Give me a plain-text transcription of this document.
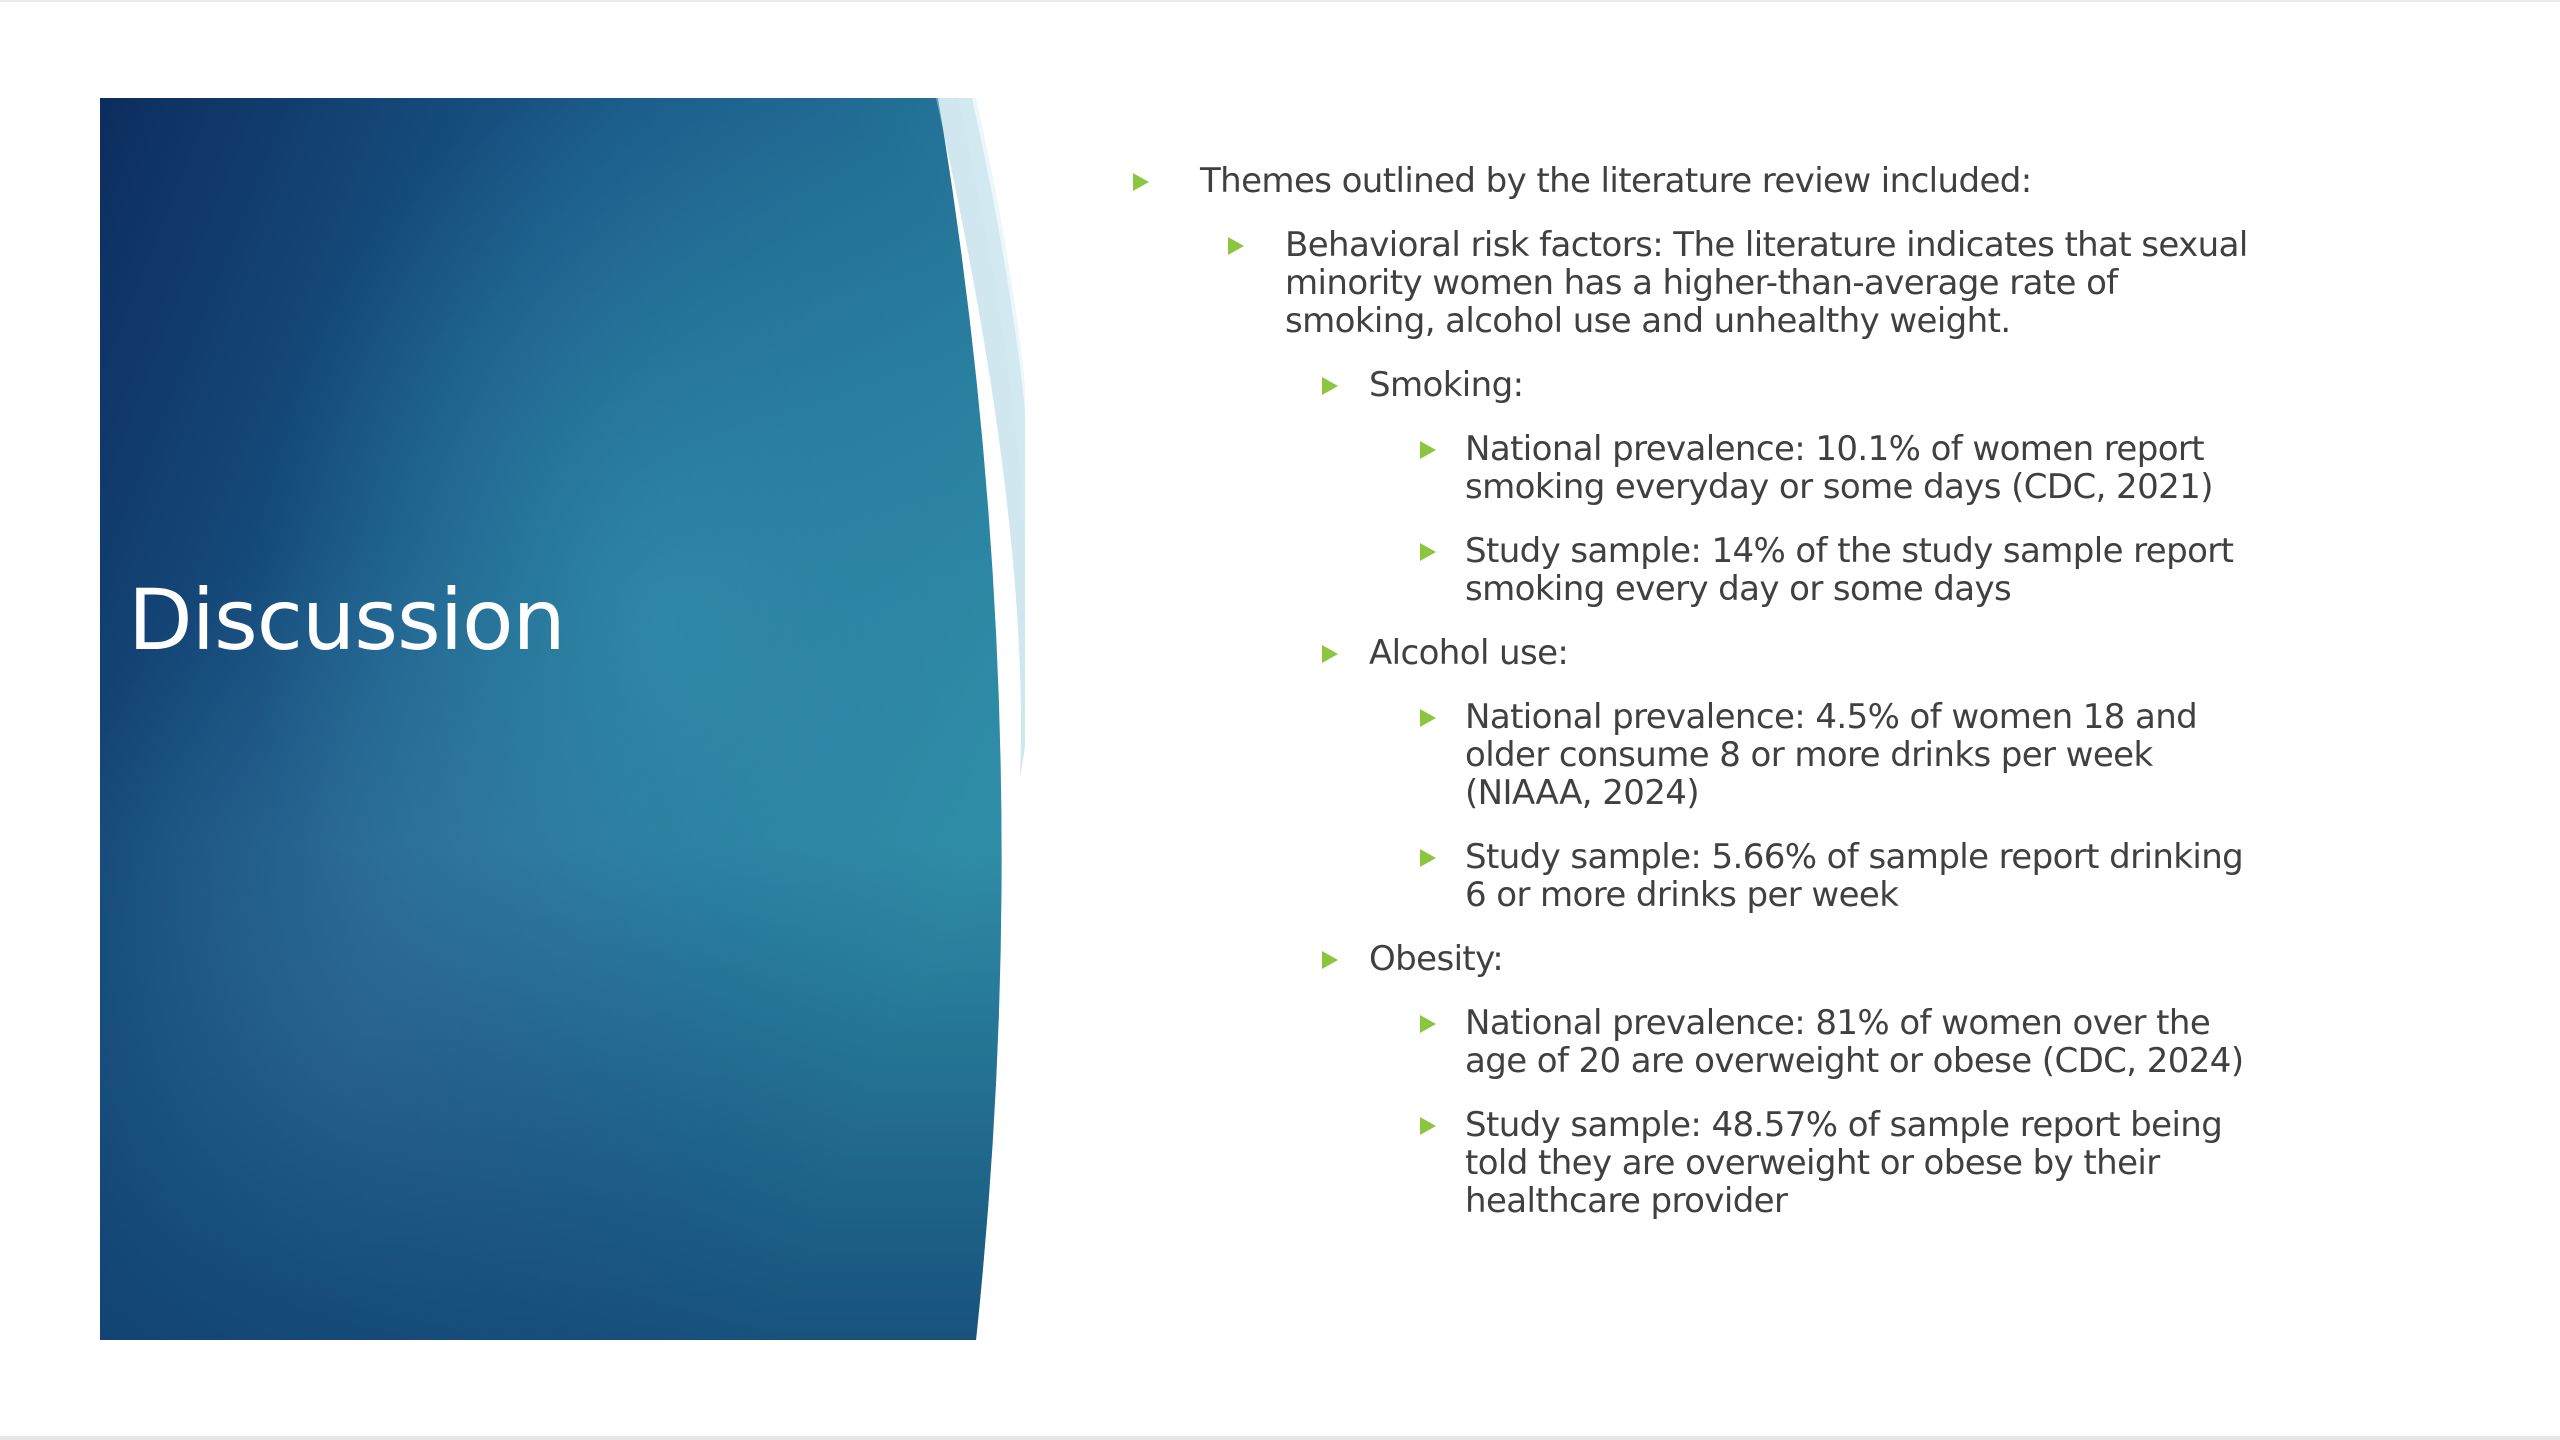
Discussion
Themes outlined by the literature review included:
Behavioral risk factors: The literature indicates that sexual minority women has a higher-than-average rate of smoking, alcohol use and unhealthy weight.
Smoking:
National prevalence: 10.1% of women report smoking everyday or some days (CDC, 2021)
Study sample: 14% of the study sample report smoking every day or some days
Alcohol use:
National prevalence: 4.5% of women 18 and older consume 8 or more drinks per week (NIAAA, 2024)
Study sample: 5.66% of sample report drinking 6 or more drinks per week
Obesity:
National prevalence: 81% of women over the age of 20 are overweight or obese (CDC, 2024)
Study sample: 48.57% of sample report being told they are overweight or obese by their healthcare provider
